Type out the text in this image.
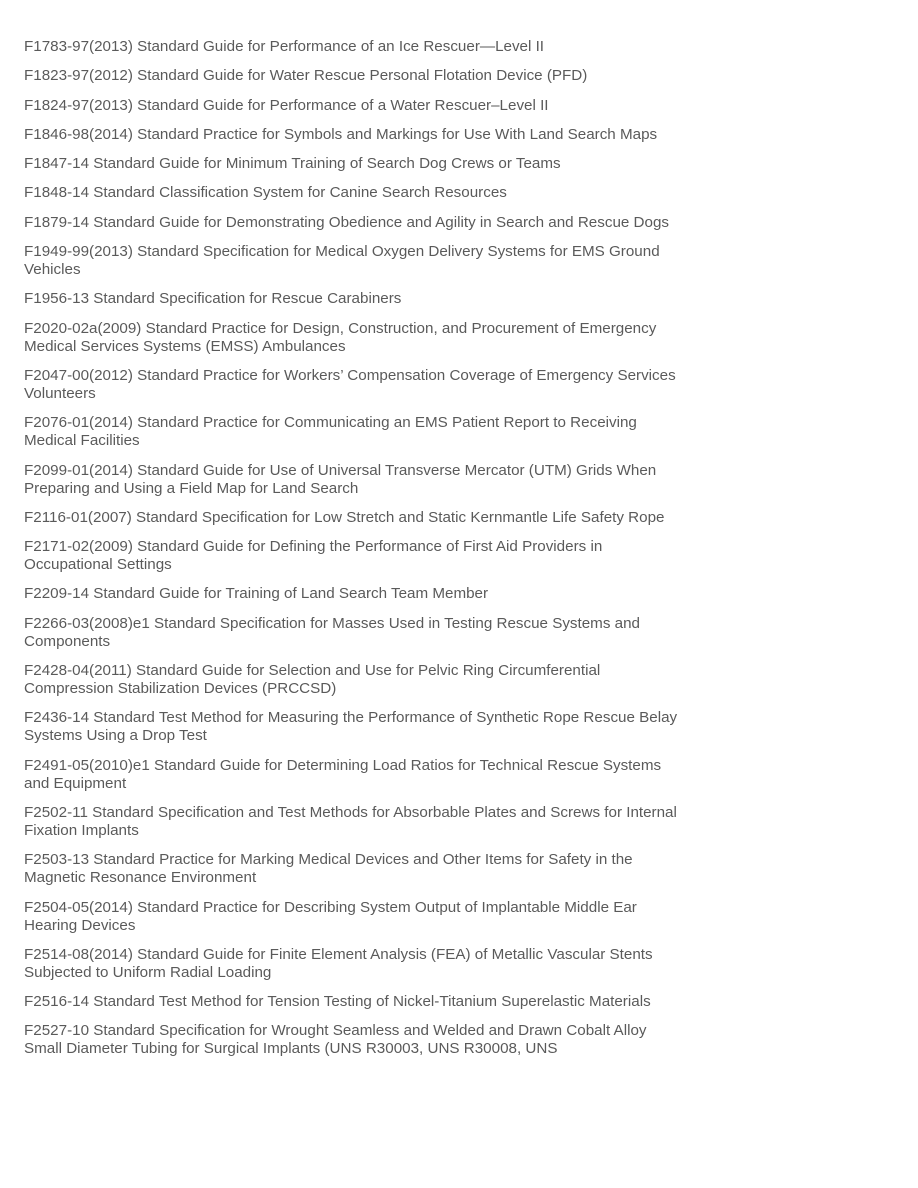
F1783-97(2013) Standard Guide for Performance of an Ice Rescuer—Level II

F1823-97(2012) Standard Guide for Water Rescue Personal Flotation Device (PFD)

F1824-97(2013) Standard Guide for Performance of a Water Rescuer–Level II

F1846-98(2014) Standard Practice for Symbols and Markings for Use With Land Search Maps

F1847-14 Standard Guide for Minimum Training of Search Dog Crews or Teams

F1848-14 Standard Classification System for Canine Search Resources

F1879-14 Standard Guide for Demonstrating Obedience and Agility in Search and Rescue Dogs

F1949-99(2013) Standard Specification for Medical Oxygen Delivery Systems for EMS Ground Vehicles

F1956-13 Standard Specification for Rescue Carabiners

F2020-02a(2009) Standard Practice for Design, Construction, and Procurement of Emergency Medical Services Systems (EMSS) Ambulances

F2047-00(2012) Standard Practice for Workers’ Compensation Coverage of Emergency Services Volunteers

F2076-01(2014) Standard Practice for Communicating an EMS Patient Report to Receiving Medical Facilities

F2099-01(2014) Standard Guide for Use of Universal Transverse Mercator (UTM) Grids When Preparing and Using a Field Map for Land Search

F2116-01(2007) Standard Specification for Low Stretch and Static Kernmantle Life Safety Rope

F2171-02(2009) Standard Guide for Defining the Performance of First Aid Providers in Occupational Settings

F2209-14 Standard Guide for Training of Land Search Team Member

F2266-03(2008)e1 Standard Specification for Masses Used in Testing Rescue Systems and Components

F2428-04(2011) Standard Guide for Selection and Use for Pelvic Ring Circumferential Compression Stabilization Devices (PRCCSD)

F2436-14 Standard Test Method for Measuring the Performance of Synthetic Rope Rescue Belay Systems Using a Drop Test

F2491-05(2010)e1 Standard Guide for Determining Load Ratios for Technical Rescue Systems and Equipment

F2502-11 Standard Specification and Test Methods for Absorbable Plates and Screws for Internal Fixation Implants

F2503-13 Standard Practice for Marking Medical Devices and Other Items for Safety in the Magnetic Resonance Environment

F2504-05(2014) Standard Practice for Describing System Output of Implantable Middle Ear Hearing Devices

F2514-08(2014) Standard Guide for Finite Element Analysis (FEA) of Metallic Vascular Stents Subjected to Uniform Radial Loading

F2516-14 Standard Test Method for Tension Testing of Nickel-Titanium Superelastic Materials

F2527-10 Standard Specification for Wrought Seamless and Welded and Drawn Cobalt Alloy Small Diameter Tubing for Surgical Implants (UNS R30003, UNS R30008, UNS
